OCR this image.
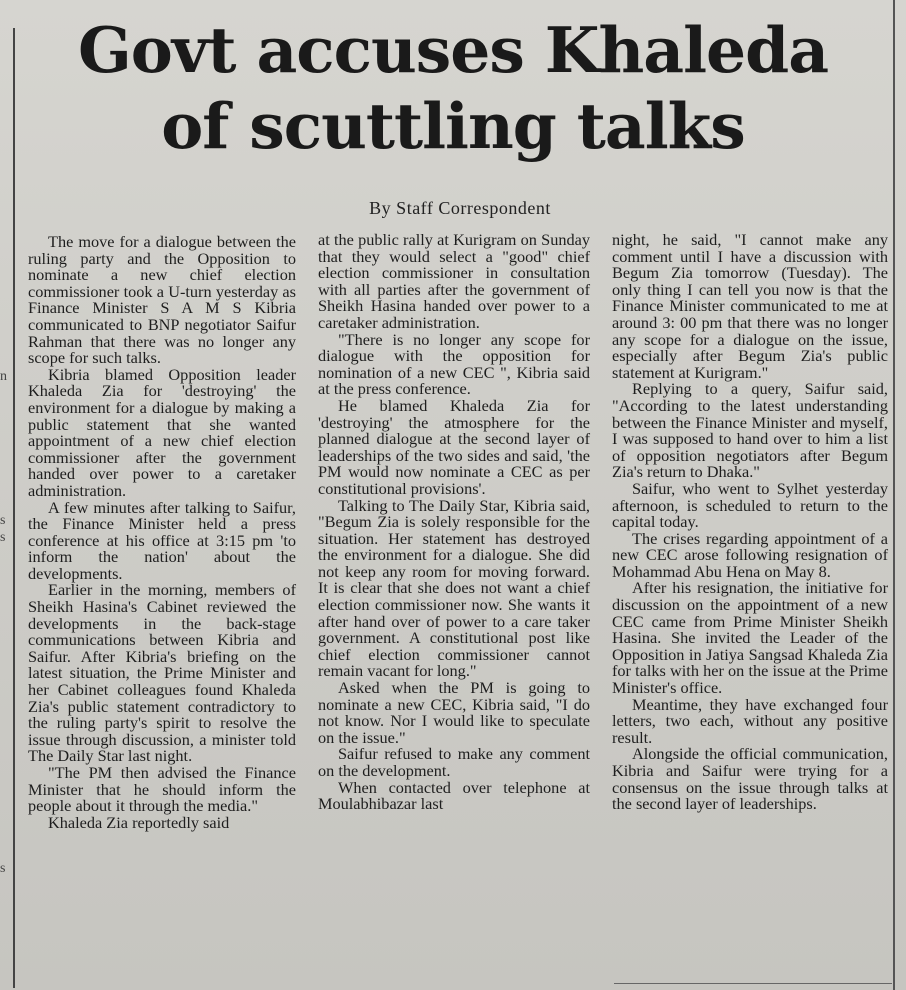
n
s
s
s
Govt accuses Khaleda
of scuttling talks
By Staff Correspondent

The move for a dialogue between the ruling party and the Opposition to nominate a new chief election commissioner took a U-turn yesterday as Finance Minister S A M S Kibria communicated to BNP negotiator Saifur Rahman that there was no longer any scope for such talks.

Kibria blamed Opposition leader Khaleda Zia for 'destroying' the environment for a dialogue by making a public statement that she wanted appointment of a new chief election commissioner after the government handed over power to a caretaker administration.

A few minutes after talking to Saifur, the Finance Minister held a press conference at his office at 3:15 pm 'to inform the nation' about the developments.

Earlier in the morning, members of Sheikh Hasina's Cabinet reviewed the developments in the back-stage communications between Kibria and Saifur. After Kibria's briefing on the latest situation, the Prime Minister and her Cabinet colleagues found Khaleda Zia's public statement contradictory to the ruling party's spirit to resolve the issue through discussion, a minister told The Daily Star last night.

"The PM then advised the Finance Minister that he should inform the people about it through the media."

Khaleda Zia reportedly said

at the public rally at Kurigram on Sunday that they would select a "good" chief election commissioner in consultation with all parties after the government of Sheikh Hasina handed over power to a caretaker administration.

"There is no longer any scope for dialogue with the opposition for nomination of a new CEC ", Kibria said at the press conference.

He blamed Khaleda Zia for 'destroying' the atmosphere for the planned dialogue at the second layer of leaderships of the two sides and said, 'the PM would now nominate a CEC as per constitutional provisions'.

Talking to The Daily Star, Kibria said, "Begum Zia is solely responsible for the situation. Her statement has destroyed the environment for a dialogue. She did not keep any room for moving forward. It is clear that she does not want a chief election commissioner now. She wants it after hand over of power to a care taker government. A constitutional post like chief election commissioner cannot remain vacant for long."

Asked when the PM is going to nominate a new CEC, Kibria said, "I do not know. Nor I would like to speculate on the issue."

Saifur refused to make any comment on the development.

When contacted over telephone at Moulabhibazar last

night, he said, "I cannot make any comment until I have a discussion with Begum Zia tomorrow (Tuesday). The only thing I can tell you now is that the Finance Minister communicated to me at around 3: 00 pm that there was no longer any scope for a dialogue on the issue, especially after Begum Zia's public statement at Kurigram."

Replying to a query, Saifur said, "According to the latest understanding between the Finance Minister and myself, I was supposed to hand over to him a list of opposition negotiators after Begum Zia's return to Dhaka."

Saifur, who went to Sylhet yesterday afternoon, is scheduled to return to the capital today.

The crises regarding appointment of a new CEC arose following resignation of Mohammad Abu Hena on May 8.

After his resignation, the initiative for discussion on the appointment of a new CEC came from Prime Minister Sheikh Hasina. She invited the Leader of the Opposition in Jatiya Sangsad Khaleda Zia for talks with her on the issue at the Prime Minister's office.

Meantime, they have exchanged four letters, two each, without any positive result.

Alongside the official communication, Kibria and Saifur were trying for a consensus on the issue through talks at the second layer of leaderships.
